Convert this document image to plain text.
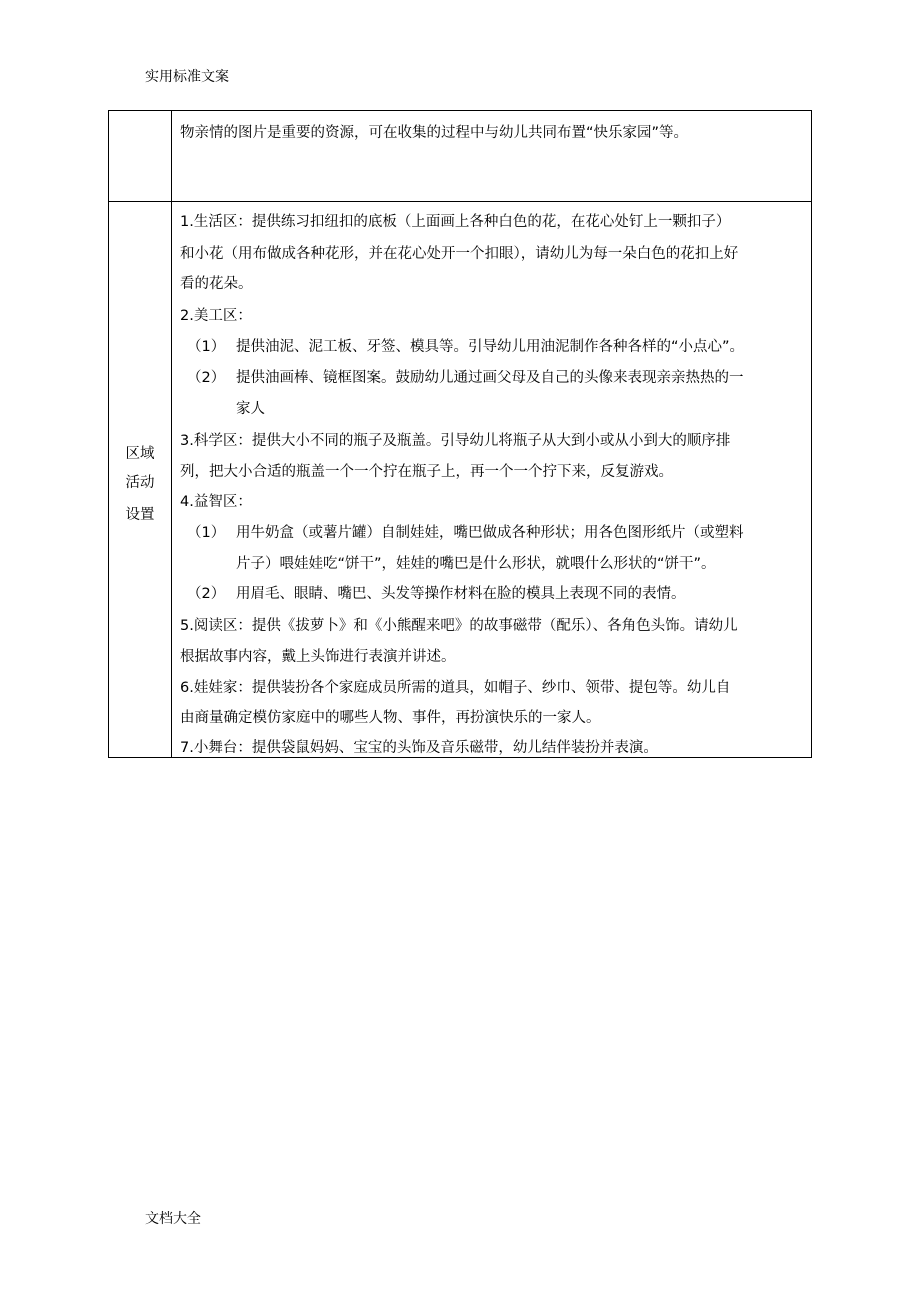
实用标准文案
物亲情的图片是重要的资源，可在收集的过程中与幼儿共同布置“快乐家园”等。
区域
活动
设置
1.生活区：提供练习扣纽扣的底板（上面画上各种白色的花，在花心处钉上一颗扣子）
和小花（用布做成各种花形，并在花心处开一个扣眼），请幼儿为每一朵白色的花扣上好
看的花朵。
2.美工区：
（1） 提供油泥、泥工板、牙签、模具等。引导幼儿用油泥制作各种各样的“小点心”。
（2） 提供油画棒、镜框图案。鼓励幼儿通过画父母及自己的头像来表现亲亲热热的一
家人
3.科学区：提供大小不同的瓶子及瓶盖。引导幼儿将瓶子从大到小或从小到大的顺序排
列，把大小合适的瓶盖一个一个拧在瓶子上，再一个一个拧下来，反复游戏。
4.益智区：
（1） 用牛奶盒（或薯片罐）自制娃娃，嘴巴做成各种形状；用各色图形纸片（或塑料
片子）喂娃娃吃“饼干”，娃娃的嘴巴是什么形状，就喂什么形状的“饼干”。
（2） 用眉毛、眼睛、嘴巴、头发等操作材料在脸的模具上表现不同的表情。
5.阅读区：提供《拔萝卜》和《小熊醒来吧》的故事磁带（配乐）、各角色头饰。请幼儿
根据故事内容，戴上头饰进行表演并讲述。
6.娃娃家：提供装扮各个家庭成员所需的道具，如帽子、纱巾、领带、提包等。幼儿自
由商量确定模仿家庭中的哪些人物、事件，再扮演快乐的一家人。
7.小舞台：提供袋鼠妈妈、宝宝的头饰及音乐磁带，幼儿结伴装扮并表演。
文档大全
